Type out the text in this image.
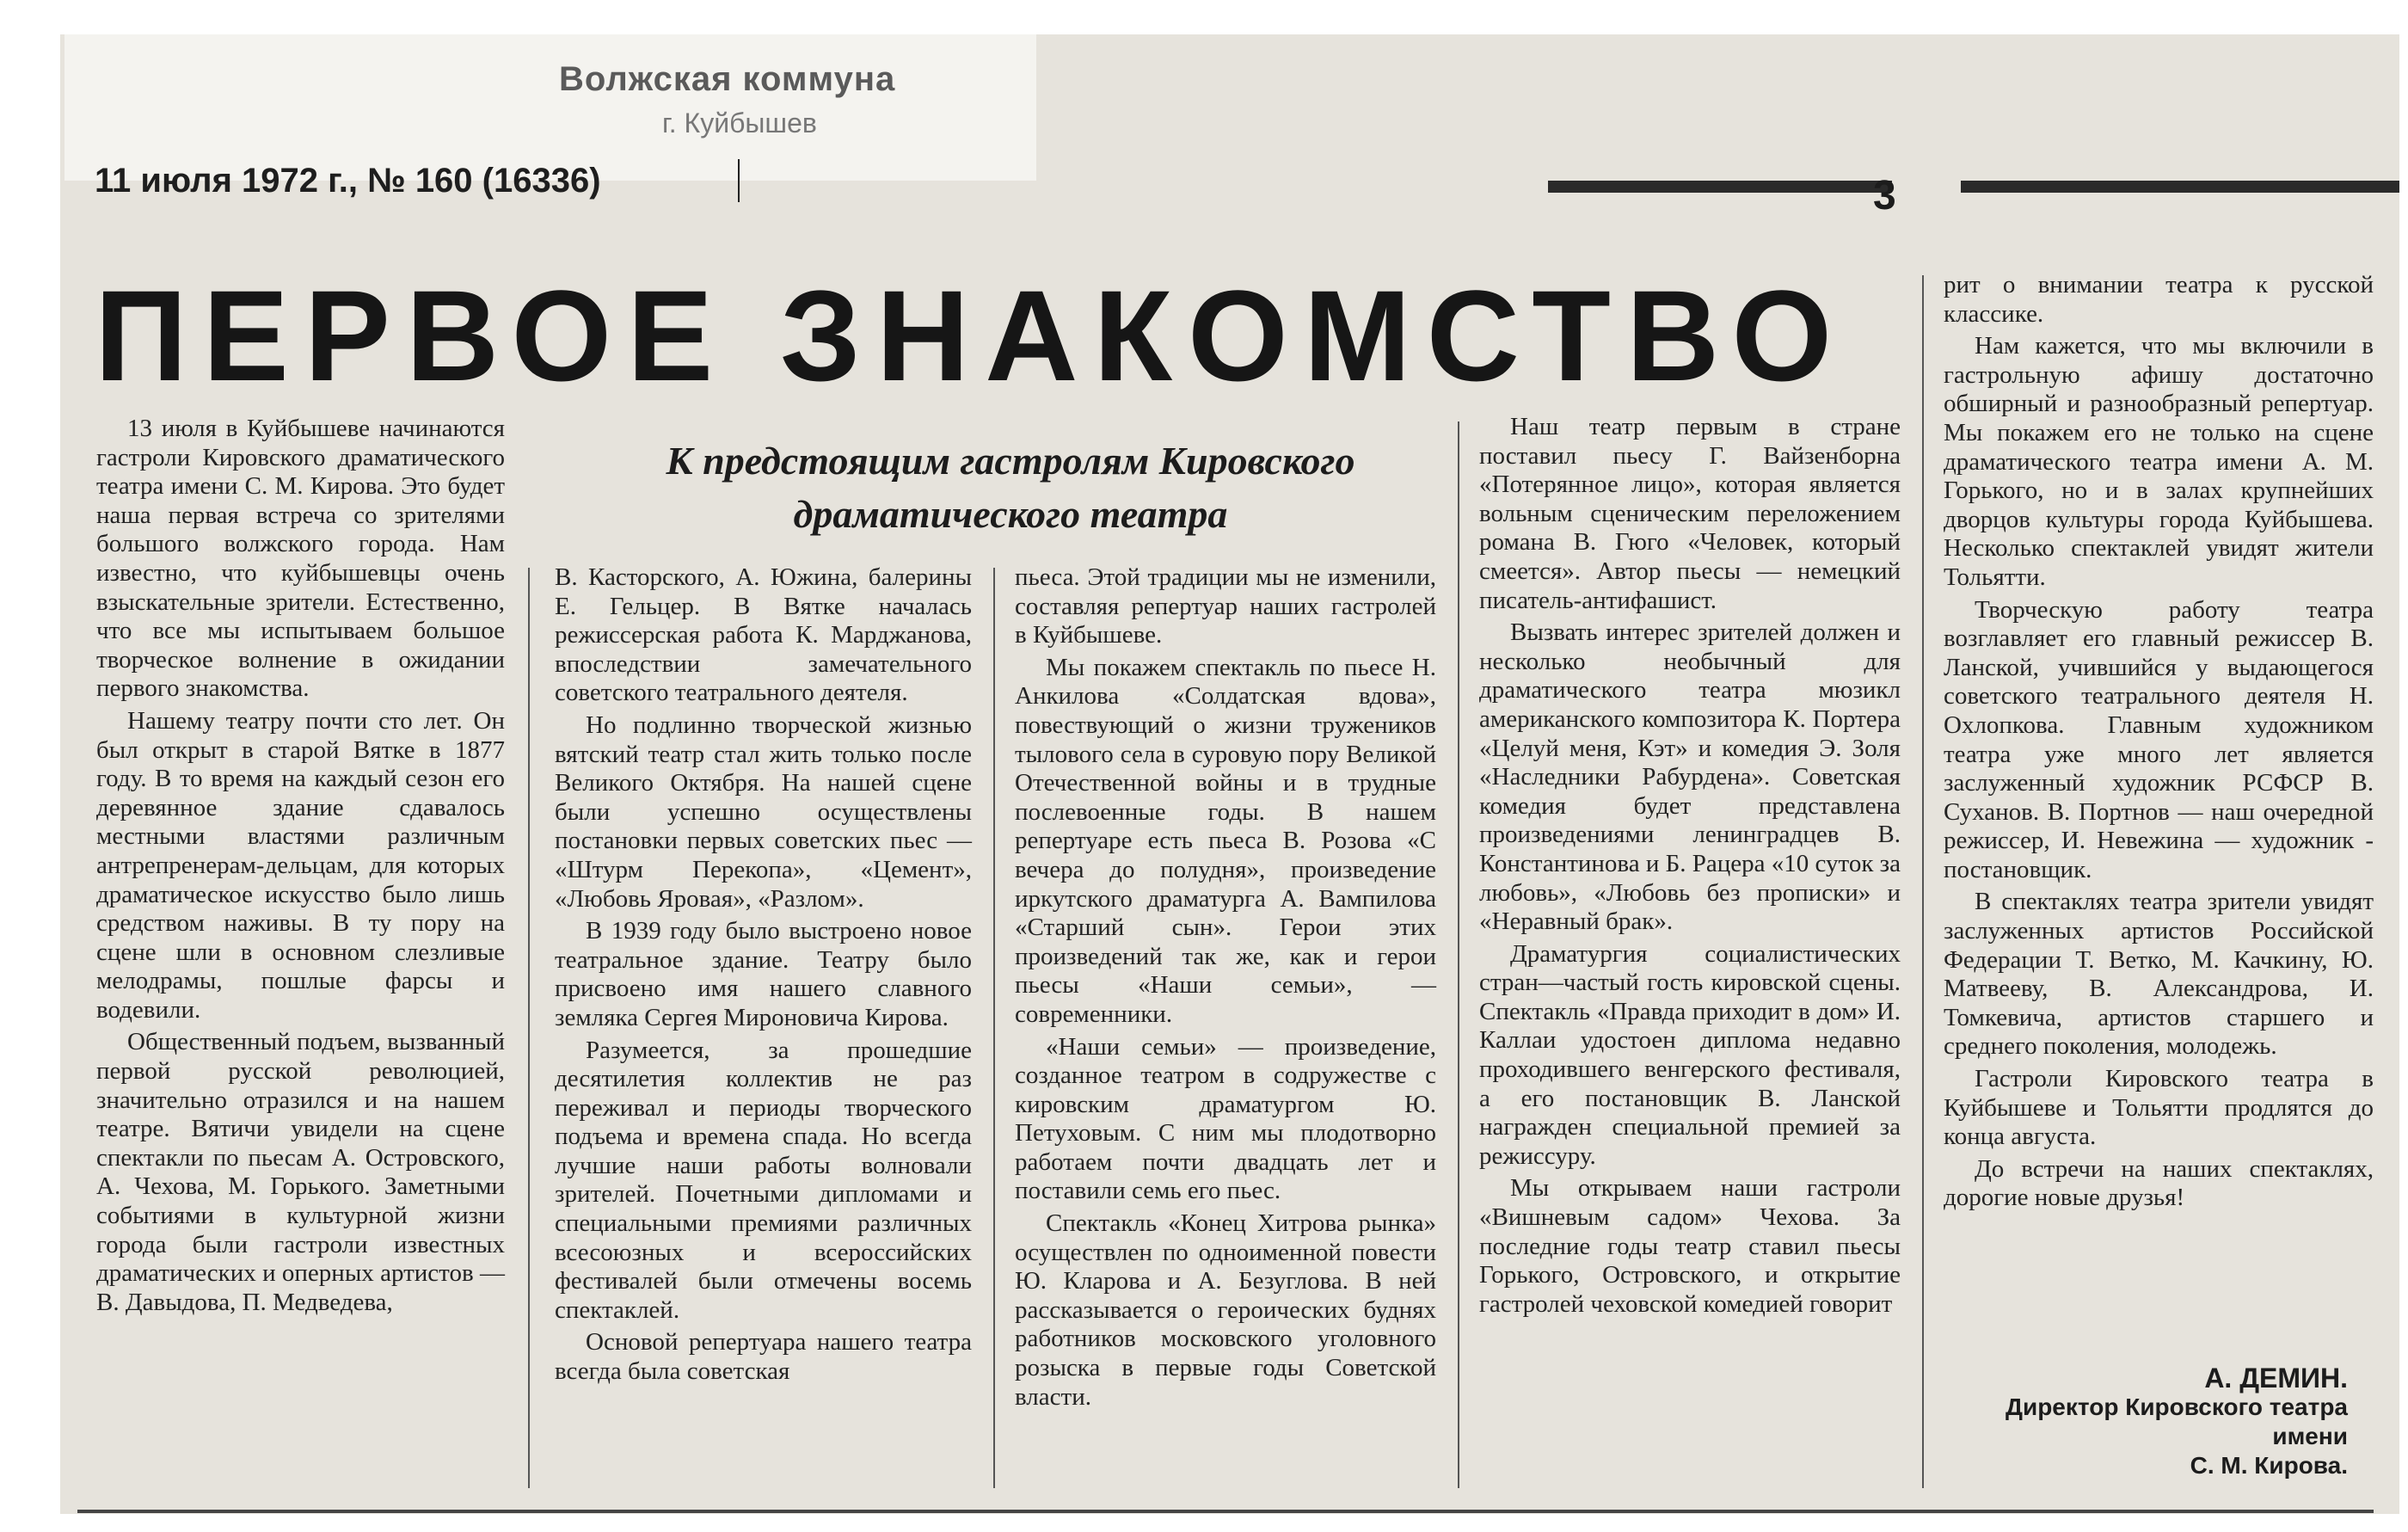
Волжская коммуна
г. Куйбышев
11 июля 1972 г., № 160 (16336)	3
ПЕРВОЕ ЗНАКОМСТВО
К предстоящим гастролям Кировского
драматического театра

13 июля в Куйбышеве начинаются гастроли Кировского драматического театра имени С. М. Кирова. Это будет наша первая встреча со зрителями большого волжского города. Нам известно, что куйбышевцы очень взыскательные зрители. Естественно, что все мы испытываем большое творческое волнение в ожидании первого знакомства.

Нашему театру почти сто лет. Он был открыт в старой Вятке в 1877 году. В то время на каждый сезон его деревянное здание сдавалось местными властями различным антрепренерам-дельцам, для которых драматическое искусство было лишь средством наживы. В ту пору на сцене шли в основном слезливые мелодрамы, пошлые фарсы и водевили.

Общественный подъем, вызванный первой русской революцией, значительно отразился и на нашем театре. Вятичи увидели на сцене спектакли по пьесам А. Островского, А. Чехова, М. Горького. Заметными событиями в культурной жизни города были гастроли известных драматических и оперных артистов — В. Давыдова, П. Медведева,

В. Касторского, А. Южина, балерины Е. Гельцер. В Вятке началась режиссерская работа К. Марджанова, впоследствии замечательного советского театрального деятеля.

Но подлинно творческой жизнью вятский театр стал жить только после Великого Октября. На нашей сцене были успешно осуществлены постановки первых советских пьес — «Штурм Перекопа», «Цемент», «Любовь Яровая», «Разлом».

В 1939 году было выстроено новое театральное здание. Театру было присвоено имя нашего славного земляка Сергея Мироновича Кирова.

Разумеется, за прошедшие десятилетия коллектив не раз переживал и периоды творческого подъема и времена спада. Но всегда лучшие наши работы волновали зрителей. Почетными дипломами и специальными премиями различных всесоюзных и всероссийских фестивалей были отмечены восемь спектаклей.

Основой репертуара нашего театра всегда была советская

пьеса. Этой традиции мы не изменили, составляя репертуар наших гастролей в Куйбышеве.

Мы покажем спектакль по пьесе Н. Анкилова «Солдатская вдова», повествующий о жизни тружеников тылового села в суровую пору Великой Отечественной войны и в трудные послевоенные годы. В нашем репертуаре есть пьеса В. Розова «С вечера до полудня», произведение иркутского драматурга А. Вампилова «Старший сын». Герои этих произведений так же, как и герои пьесы «Наши семьи», — современники.

«Наши семьи» — произведение, созданное театром в содружестве с кировским драматургом Ю. Петуховым. С ним мы плодотворно работаем почти двадцать лет и поставили семь его пьес.

Спектакль «Конец Хитрова рынка» осуществлен по одноименной повести Ю. Кларова и А. Безуглова. В ней рассказывается о героических буднях работников московского уголовного розыска в первые годы Советской власти.

Наш театр первым в стране поставил пьесу Г. Вайзенборна «Потерянное лицо», которая является вольным сценическим переложением романа В. Гюго «Человек, который смеется». Автор пьесы — немецкий писатель-антифашист.

Вызвать интерес зрителей должен и несколько необычный для драматического театра мюзикл американского композитора К. Портера «Целуй меня, Кэт» и комедия Э. Золя «Наследники Рабурдена». Советская комедия будет представлена произведениями ленинградцев В. Константинова и Б. Рацера «10 суток за любовь», «Любовь без прописки» и «Неравный брак».

Драматургия социалистических стран—частый гость кировской сцены. Спектакль «Правда приходит в дом» И. Каллаи удостоен диплома недавно проходившего венгерского фестиваля, а его постановщик В. Ланской награжден специальной премией за режиссуру.

Мы открываем наши гастроли «Вишневым садом» Чехова. За последние годы театр ставил пьесы Горького, Островского, и открытие гастролей чеховской комедией говорит

рит о внимании театра к русской классике.

Нам кажется, что мы включили в гастрольную афишу достаточно обширный и разнообразный репертуар. Мы покажем его не только на сцене драматического театра имени А. М. Горького, но и в залах крупнейших дворцов культуры города Куйбышева. Несколько спектаклей увидят жители Тольятти.

Творческую работу театра возглавляет его главный режиссер В. Ланской, учившийся у выдающегося советского театрального деятеля Н. Охлопкова. Главным художником театра уже много лет является заслуженный художник РСФСР В. Суханов. В. Портнов — наш очередной режиссер, И. Невежина — художник - постановщик.

В спектаклях театра зрители увидят заслуженных артистов Российской Федерации Т. Ветко, М. Качкину, Ю. Матвееву, В. Александрова, И. Томкевича, артистов старшего и среднего поколения, молодежь.

Гастроли Кировского театра в Куйбышеве и Тольятти продлятся до конца августа.

До встречи на наших спектаклях, дорогие новые друзья!

А. ДЕМИН.
Директор Кировского театра
имени
С. М. Кирова.
